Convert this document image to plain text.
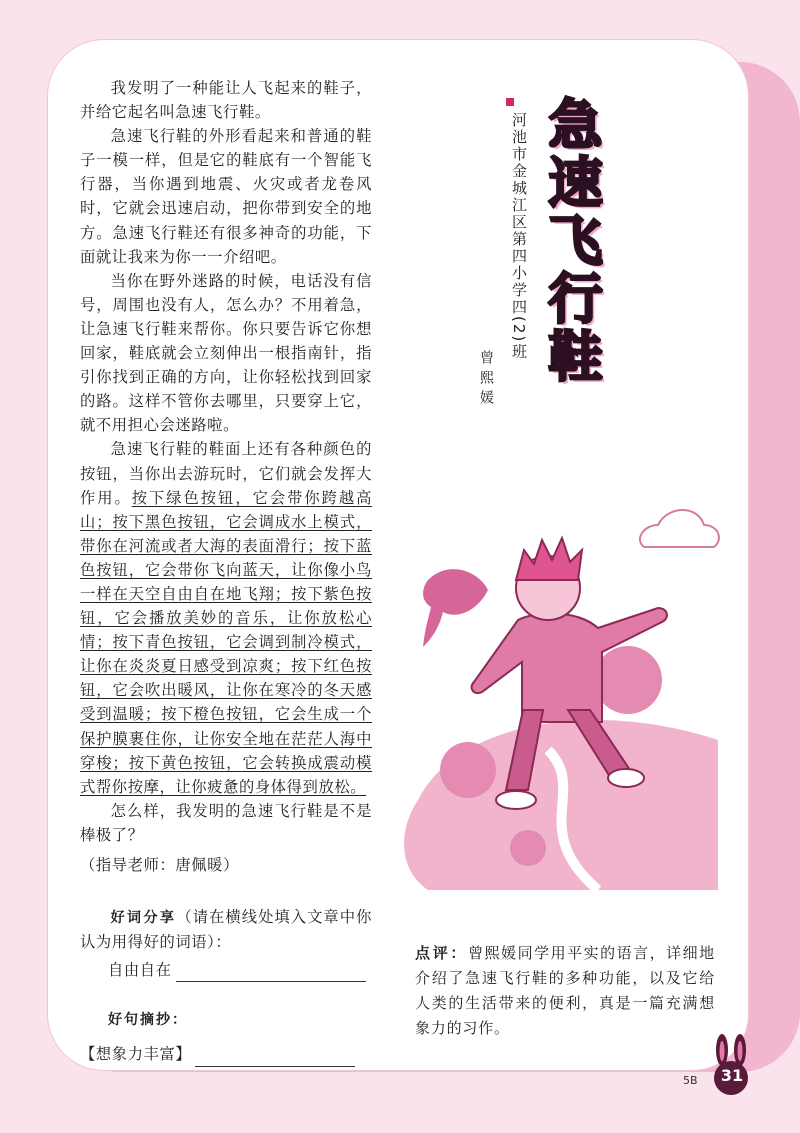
我发明了一种能让人飞起来的鞋子，并给它起名叫急速飞行鞋。

急速飞行鞋的外形看起来和普通的鞋子一模一样，但是它的鞋底有一个智能飞行器，当你遇到地震、火灾或者龙卷风时，它就会迅速启动，把你带到安全的地方。急速飞行鞋还有很多神奇的功能，下面就让我来为你一一介绍吧。

当你在野外迷路的时候，电话没有信号，周围也没有人，怎么办？不用着急，让急速飞行鞋来帮你。你只要告诉它你想回家，鞋底就会立刻伸出一根指南针，指引你找到正确的方向，让你轻松找到回家的路。这样不管你去哪里，只要穿上它，就不用担心会迷路啦。

急速飞行鞋的鞋面上还有各种颜色的按钮，当你出去游玩时，它们就会发挥大作用。按下绿色按钮，它会带你跨越高山；按下黑色按钮，它会调成水上模式，带你在河流或者大海的表面滑行；按下蓝色按钮，它会带你飞向蓝天，让你像小鸟一样在天空自由自在地飞翔；按下紫色按钮，它会播放美妙的音乐，让你放松心情；按下青色按钮，它会调到制冷模式，让你在炎炎夏日感受到凉爽；按下红色按钮，它会吹出暖风，让你在寒冷的冬天感受到温暖；按下橙色按钮，它会生成一个保护膜裹住你，让你安全地在茫茫人海中穿梭；按下黄色按钮，它会转换成震动模式帮你按摩，让你疲惫的身体得到放松。

怎么样，我发明的急速飞行鞋是不是棒极了？

（指导老师：唐佩暖）

好词分享（请在横线处填入文章中你认为用得好的词语）：

自由自在
好句摘抄：
【想象力丰富】
河池市金城江区第四小学四(2)班
曾熙媛 急速飞行鞋
点评：曾熙媛同学用平实的语言，详细地介绍了急速飞行鞋的多种功能，以及它给人类的生活带来的便利，真是一篇充满想象力的习作。
5B	31
